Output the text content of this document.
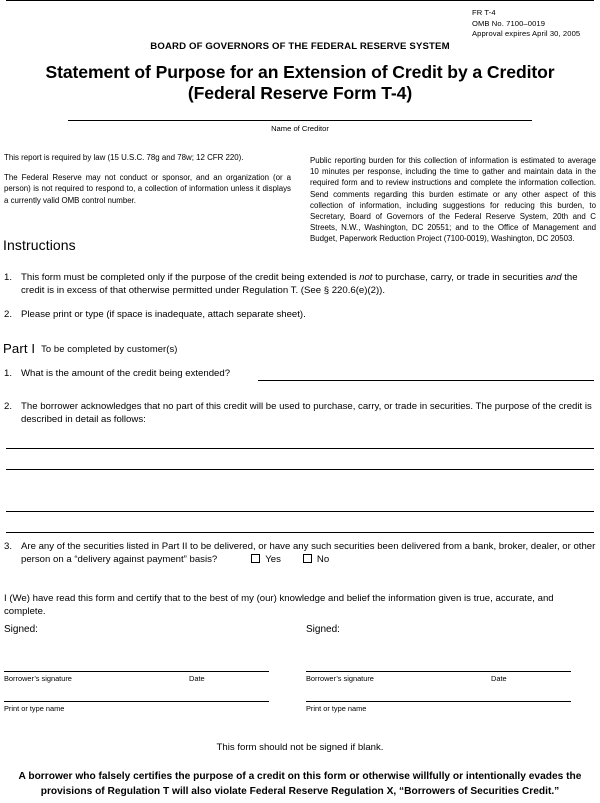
FR T-4
OMB No. 7100–0019
Approval expires April 30, 2005
BOARD OF GOVERNORS OF THE FEDERAL RESERVE SYSTEM
Statement of Purpose for an Extension of Credit by a Creditor
(Federal Reserve Form T-4)
Name of Creditor

This report is required by law (15 U.S.C. 78g and 78w; 12 CFR 220).

The Federal Reserve may not conduct or sponsor, and an organization (or a person) is not required to respond to, a collection of information unless it displays a currently valid OMB control number.

Public reporting burden for this collection of information is estimated to average 10 minutes per response, including the time to gather and maintain data in the required form and to review instructions and complete the information collection. Send comments regarding this burden estimate or any other aspect of this collection of information, including suggestions for reducing this burden, to Secretary, Board of Governors of the Federal Reserve System, 20th and C Streets, N.W., Washington, DC 20551; and to the Office of Management and Budget, Paperwork Reduction Project (7100-0019), Washington, DC 20503.

Instructions
1. This form must be completed only if the purpose of the credit being extended is not to purchase, carry, or trade in securities and the credit is in excess of that otherwise permitted under Regulation T. (See § 220.6(e)(2)).
2. Please print or type (if space is inadequate, attach separate sheet).
Part I To be completed by customer(s)
1. What is the amount of the credit being extended?
2. The borrower acknowledges that no part of this credit will be used to purchase, carry, or trade in securities. The purpose of the credit is described in detail as follows:
3. Are any of the securities listed in Part II to be delivered, or have any such securities been delivered from a bank, broker, dealer, or other person on a “delivery against payment” basis?	Yes	No
I (We) have read this form and certify that to the best of my (our) knowledge and belief the information given is true, accurate, and complete.

Signed:

Borrower’s signature	Date
Print or type name

Signed:

Borrower’s signature	Date
Print or type name
This form should not be signed if blank.
A borrower who falsely certifies the purpose of a credit on this form or otherwise willfully or intentionally evades the provisions of Regulation T will also violate Federal Reserve Regulation X, “Borrowers of Securities Credit.”
